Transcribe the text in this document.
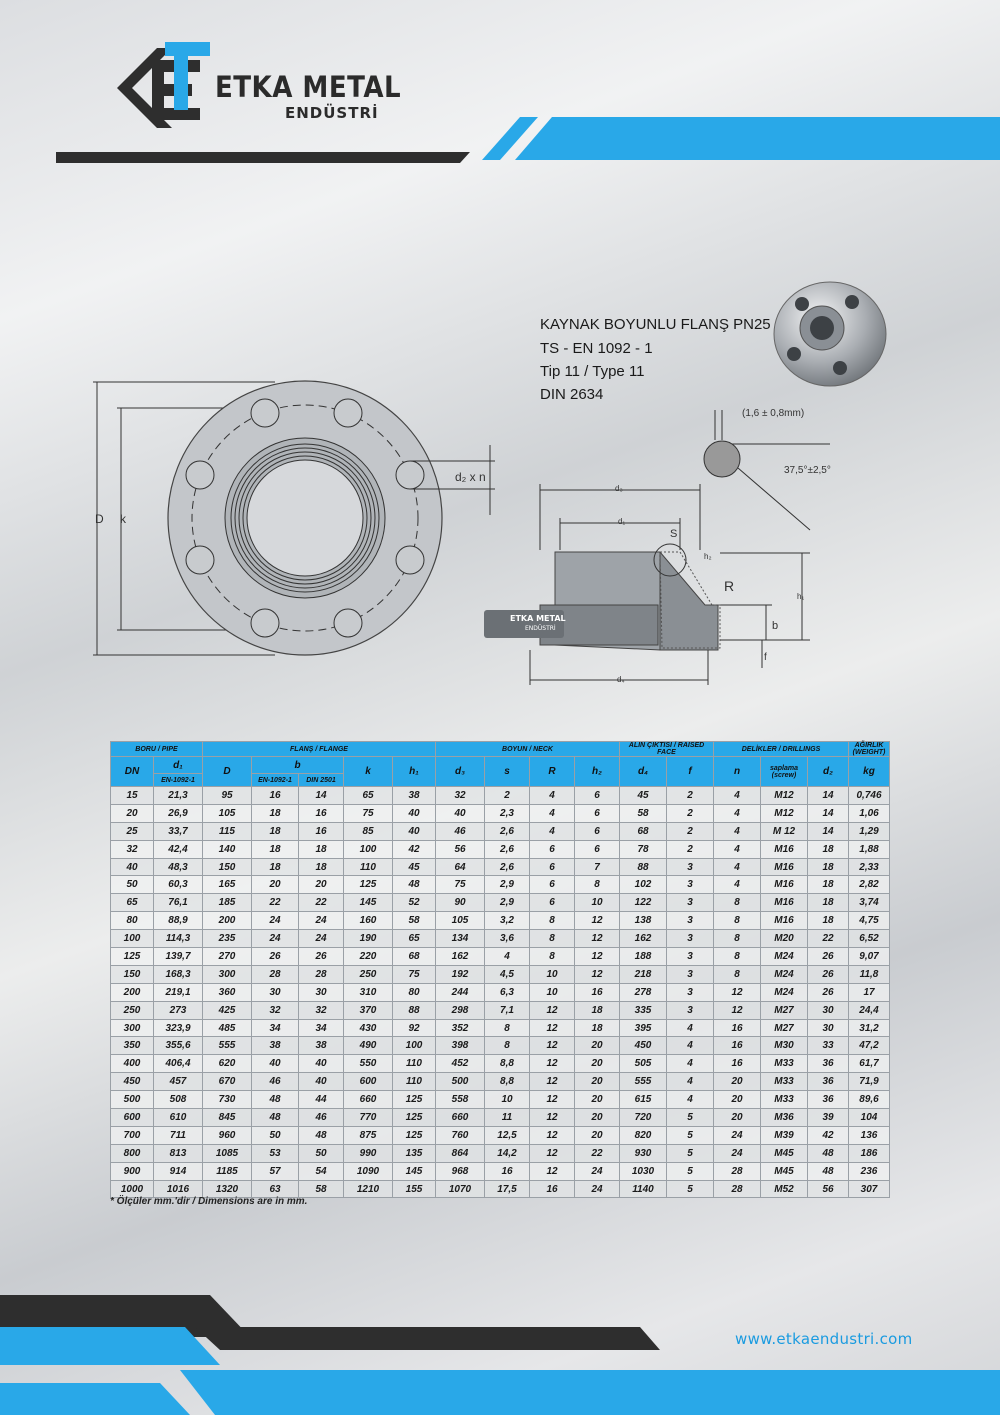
ETKA METAL
ENDÜSTRİ
KAYNAK BOYUNLU FLANŞ PN25
TS - EN 1092 - 1
Tip 11 / Type 11
DIN 2634
D k
d₂ x n
(1,6 ± 0,8mm)
37,5°±2,5°
d₃
d₁
S
h₂
R
h₁
b
f
d₄
ETKA METAL
ENDÜSTRİ
BORU / PIPE		FLANŞ / FLANGE					BOYUN / NECK				ALIN ÇIKTISI / RAISED FACE		DELİKLER / DRILLINGS			AĞIRLIK (WEIGHT)
DN	d₁	D	b		k	h₁	d₃	s	R	h₂	d₄	f	n	saplama (screw)	d₂	kg
	EN-1092-1		EN-1092-1	DIN 2501												
15	21,3	95	16	14	65	38	32	2	4	6	45	2	4	M12	14	0,746
20	26,9	105	18	16	75	40	40	2,3	4	6	58	2	4	M12	14	1,06
25	33,7	115	18	16	85	40	46	2,6	4	6	68	2	4	M 12	14	1,29
32	42,4	140	18	18	100	42	56	2,6	6	6	78	2	4	M16	18	1,88
40	48,3	150	18	18	110	45	64	2,6	6	7	88	3	4	M16	18	2,33
50	60,3	165	20	20	125	48	75	2,9	6	8	102	3	4	M16	18	2,82
65	76,1	185	22	22	145	52	90	2,9	6	10	122	3	8	M16	18	3,74
80	88,9	200	24	24	160	58	105	3,2	8	12	138	3	8	M16	18	4,75
100	114,3	235	24	24	190	65	134	3,6	8	12	162	3	8	M20	22	6,52
125	139,7	270	26	26	220	68	162	4	8	12	188	3	8	M24	26	9,07
150	168,3	300	28	28	250	75	192	4,5	10	12	218	3	8	M24	26	11,8
200	219,1	360	30	30	310	80	244	6,3	10	16	278	3	12	M24	26	17
250	273	425	32	32	370	88	298	7,1	12	18	335	3	12	M27	30	24,4
300	323,9	485	34	34	430	92	352	8	12	18	395	4	16	M27	30	31,2
350	355,6	555	38	38	490	100	398	8	12	20	450	4	16	M30	33	47,2
400	406,4	620	40	40	550	110	452	8,8	12	20	505	4	16	M33	36	61,7
450	457	670	46	40	600	110	500	8,8	12	20	555	4	20	M33	36	71,9
500	508	730	48	44	660	125	558	10	12	20	615	4	20	M33	36	89,6
600	610	845	48	46	770	125	660	11	12	20	720	5	20	M36	39	104
700	711	960	50	48	875	125	760	12,5	12	20	820	5	24	M39	42	136
800	813	1085	53	50	990	135	864	14,2	12	22	930	5	24	M45	48	186
900	914	1185	57	54	1090	145	968	16	12	24	1030	5	28	M45	48	236
1000	1016	1320	63	58	1210	155	1070	17,5	16	24	1140	5	28	M52	56	307
* Ölçüler mm.'dir / Dimensions are in mm.
www.etkaendustri.com
